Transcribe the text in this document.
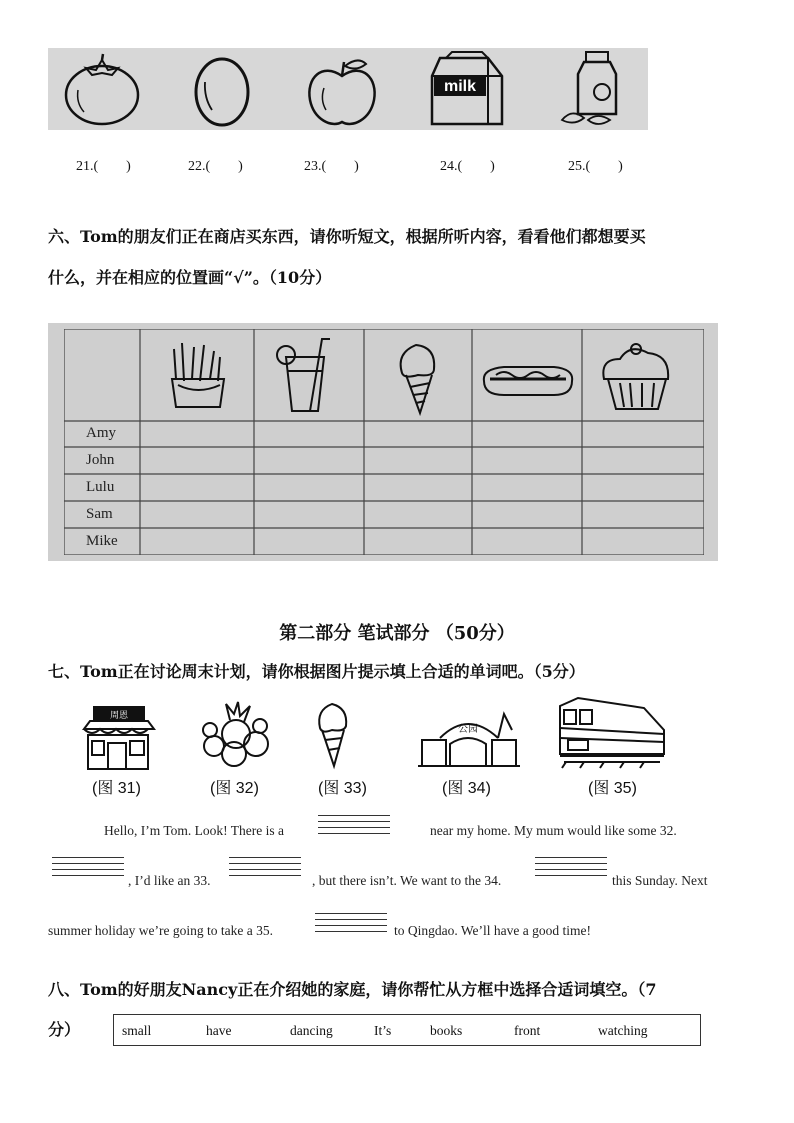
milk
21.(　　)	22.(　　)	23.(　　)	24.(　　)	25.(　　)
六、Tom的朋友们正在商店买东西，请你听短文，根据所听内容，看看他们都想要买
什么，并在相应的位置画“√”。（10分）
Amy
John
Lulu
Sam
Mike
第二部分 笔试部分 （50分）
七、Tom正在讨论周末计划，请你根据图片提示填上合适的单词吧。（5分）
周恩
公园
(图 31)	(图 32)	(图 33)	(图 34)	(图 35)
Hello, I’m Tom. Look! There is a	near my home. My mum would like some 32.
, I’d like an 33.	, but there isn’t. We want to the 34.	this Sunday. Next
summer holiday we’re going to take a 35.	to Qingdao. We’ll have a good time!
八、Tom的好朋友Nancy正在介绍她的家庭，请你帮忙从方框中选择合适词填空。（7
分）	small	have	dancing	It’s	books	front	watching
